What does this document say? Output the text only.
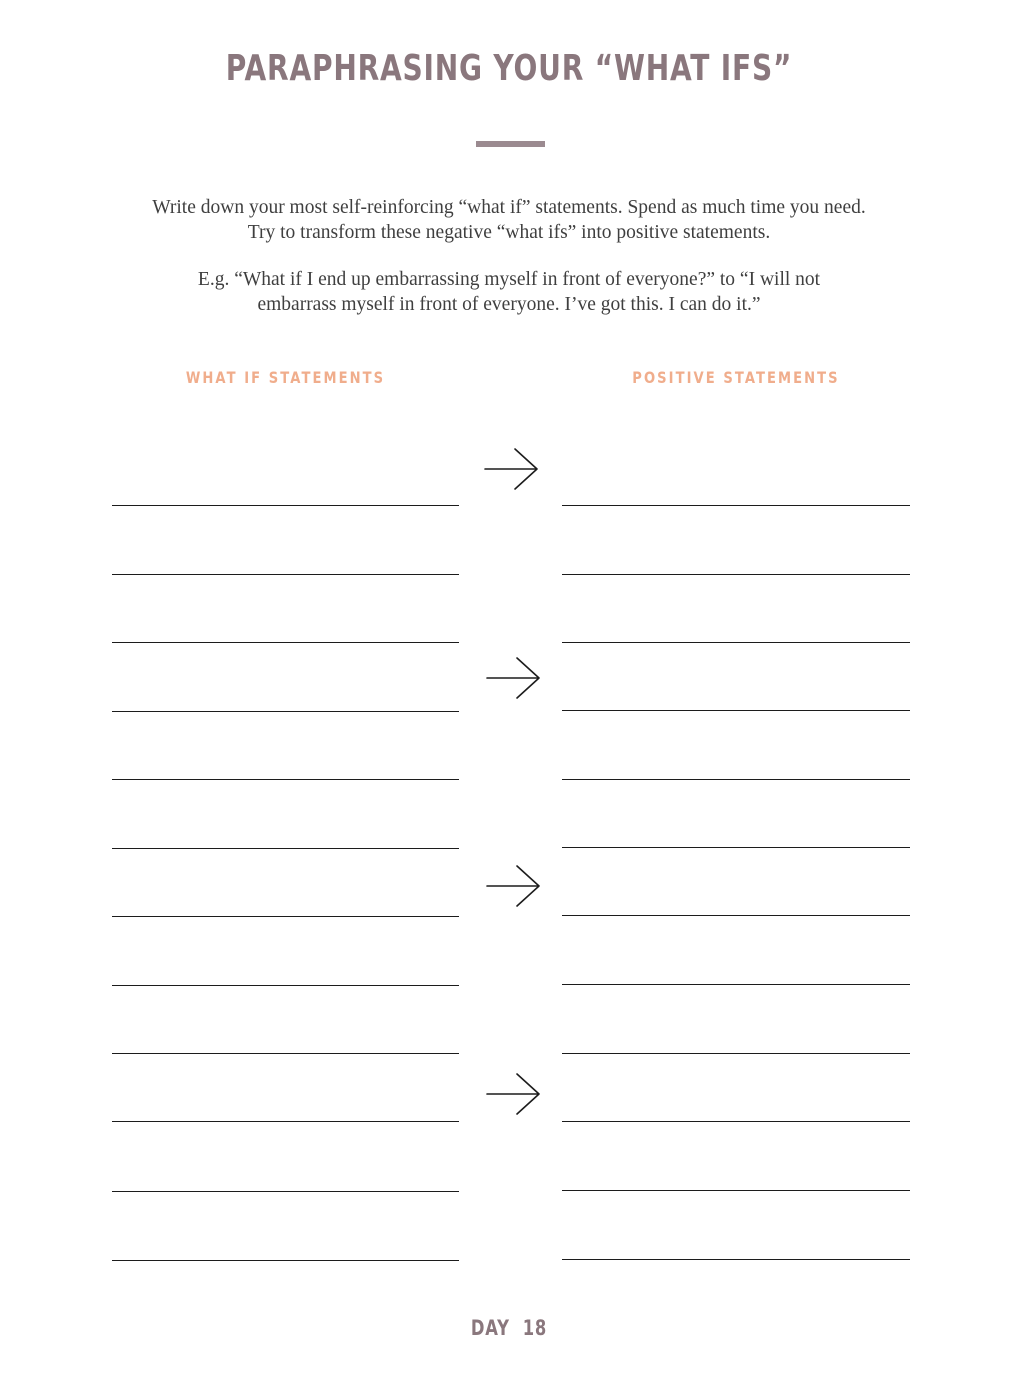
PARAPHRASING YOUR “WHAT IFS”

Write down your most self-reinforcing “what if” statements. Spend as much time you need.
Try to transform these negative “what ifs” into positive statements.

E.g. “What if I end up embarrassing myself in front of everyone?” to “I will not
embarrass myself in front of everyone. I’ve got this. I can do it.”

WHAT IF STATEMENTS	POSITIVE STATEMENTS
DAY  18
